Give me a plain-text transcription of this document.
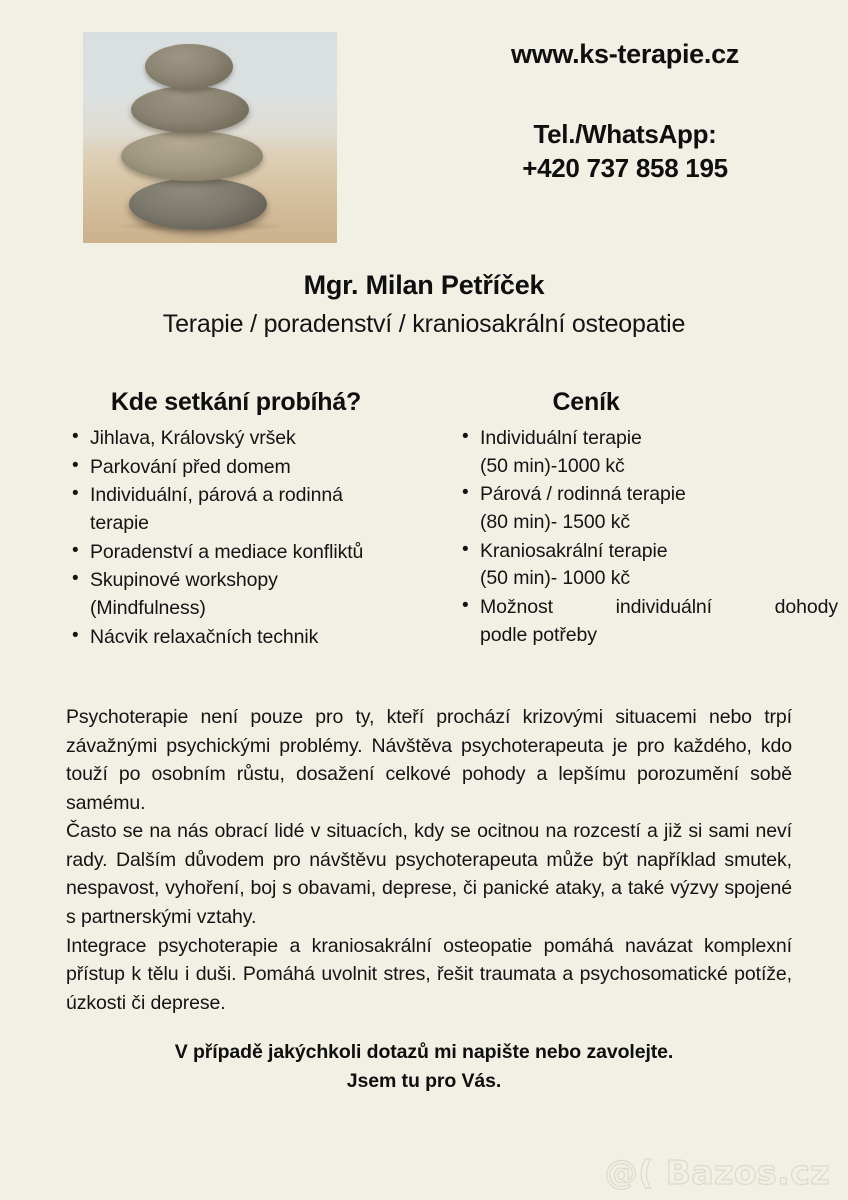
www.ks-terapie.cz
Tel./WhatsApp:
+420 737 858 195
Mgr. Milan Petříček
Terapie / poradenství / kraniosakrální osteopatie
Kde setkání probíhá?
• Jihlava, Královský vršek
• Parkování před domem
• Individuální, párová a rodinná
terapie
• Poradenství a mediace konfliktů
• Skupinové workshopy
(Mindfulness)
• Nácvik relaxačních technik
Ceník
• Individuální terapie
(50 min)-1000 kč
• Párová / rodinná terapie
(80 min)- 1500 kč
• Kraniosakrální terapie
(50 min)- 1000 kč
• Možnost individuální dohody
podle potřeby

Psychoterapie není pouze pro ty, kteří prochází krizovými situacemi nebo trpí závažnými psychickými problémy. Návštěva psychoterapeuta je pro každého, kdo touží po osobním růstu, dosažení celkové pohody a lepšímu porozumění sobě samému.

Často se na nás obrací lidé v situacích, kdy se ocitnou na rozcestí a již si sami neví rady. Dalším důvodem pro návštěvu psychoterapeuta může být například smutek, nespavost, vyhoření, boj s obavami, deprese, či panické ataky, a také výzvy spojené s partnerskými vztahy.

Integrace psychoterapie a kraniosakrální osteopatie pomáhá navázat komplexní přístup k tělu i duši. Pomáhá uvolnit stres, řešit traumata a psychosomatické potíže, úzkosti či deprese.

V případě jakýchkoli dotazů mi napište nebo zavolejte.
Jsem tu pro Vás.
@( Bazos.cz
